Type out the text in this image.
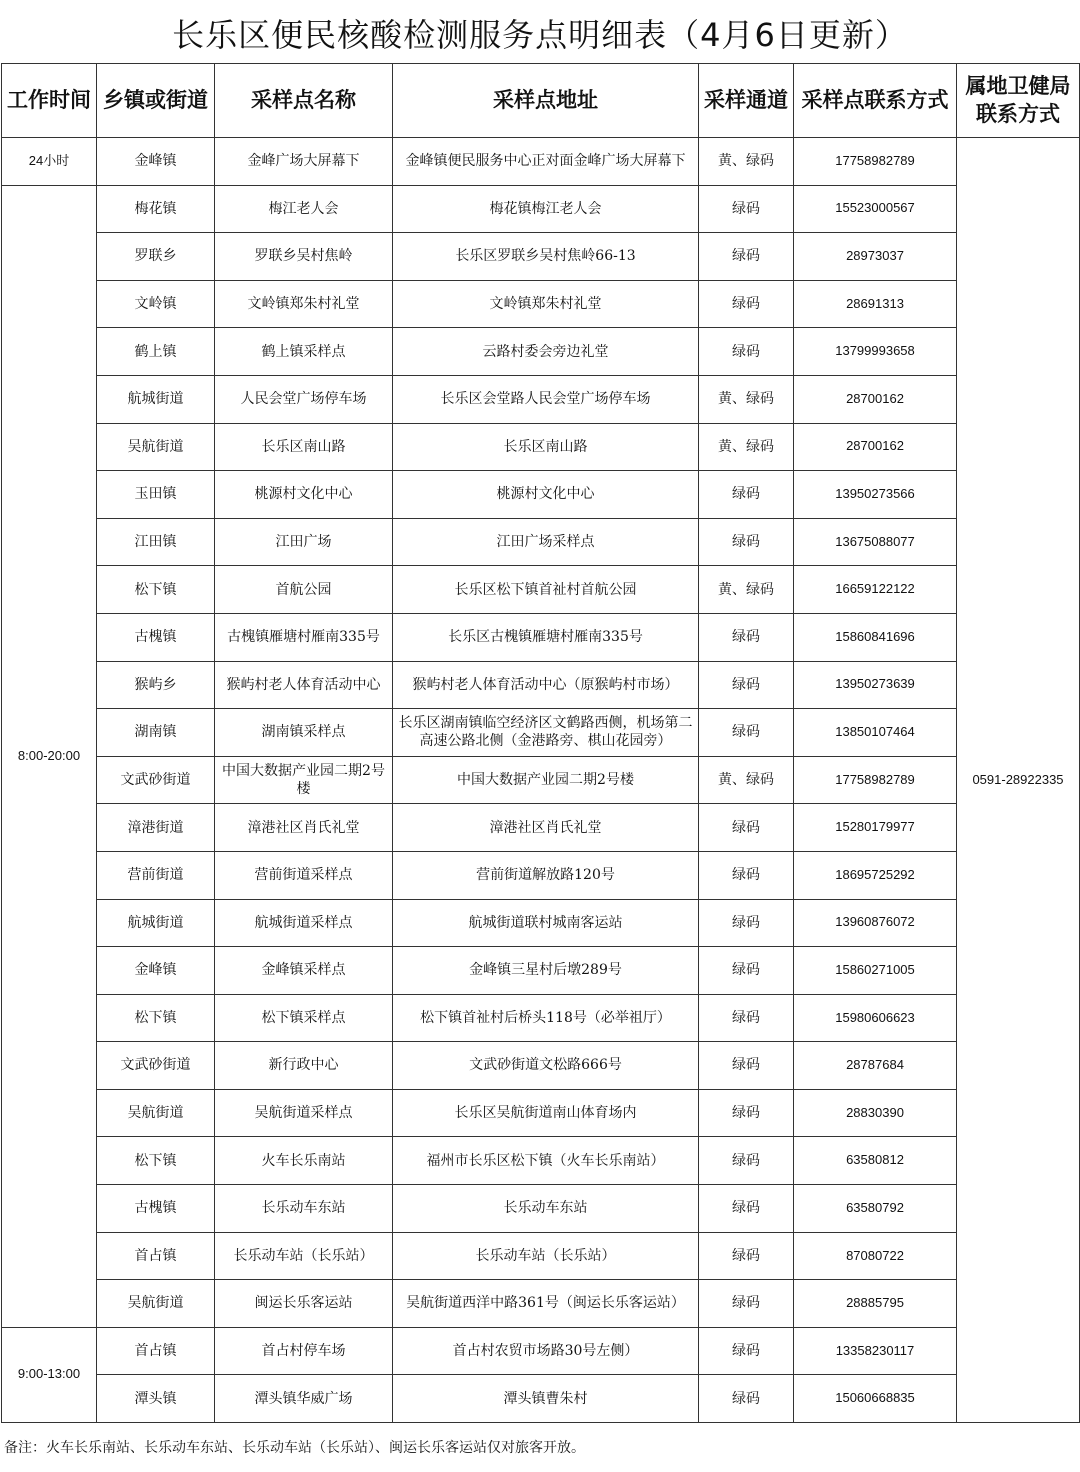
长乐区便民核酸检测服务点明细表（4月6日更新）
工作时间	乡镇或街道	采样点名称	采样点地址	采样通道	采样点联系方式	属地卫健局联系方式
24小时	金峰镇	金峰广场大屏幕下	金峰镇便民服务中心正对面金峰广场大屏幕下	黄、绿码	17758982789	0591-28922335
8:00-20:00	梅花镇	梅江老人会	梅花镇梅江老人会	绿码	15523000567	
	罗联乡	罗联乡吴村焦岭	长乐区罗联乡吴村焦岭66-13	绿码	28973037	
	文岭镇	文岭镇郑朱村礼堂	文岭镇郑朱村礼堂	绿码	28691313	
	鹤上镇	鹤上镇采样点	云路村委会旁边礼堂	绿码	13799993658	
	航城街道	人民会堂广场停车场	长乐区会堂路人民会堂广场停车场	黄、绿码	28700162	
	吴航街道	长乐区南山路	长乐区南山路	黄、绿码	28700162	
	玉田镇	桃源村文化中心	桃源村文化中心	绿码	13950273566	
	江田镇	江田广场	江田广场采样点	绿码	13675088077	
	松下镇	首航公园	长乐区松下镇首祉村首航公园	黄、绿码	16659122122	
	古槐镇	古槐镇雁塘村雁南335号	长乐区古槐镇雁塘村雁南335号	绿码	15860841696	
	猴屿乡	猴屿村老人体育活动中心	猴屿村老人体育活动中心（原猴屿村市场）	绿码	13950273639	
	湖南镇	湖南镇采样点	长乐区湖南镇临空经济区文鹤路西侧，机场第二高速公路北侧（金港路旁、棋山花园旁）	绿码	13850107464	
	文武砂街道	中国大数据产业园二期2号楼	中国大数据产业园二期2号楼	黄、绿码	17758982789	
	漳港街道	漳港社区肖氏礼堂	漳港社区肖氏礼堂	绿码	15280179977	
	营前街道	营前街道采样点	营前街道解放路120号	绿码	18695725292	
	航城街道	航城街道采样点	航城街道联村城南客运站	绿码	13960876072	
	金峰镇	金峰镇采样点	金峰镇三星村后墩289号	绿码	15860271005	
	松下镇	松下镇采样点	松下镇首祉村后桥头118号（必举祖厅）	绿码	15980606623	
	文武砂街道	新行政中心	文武砂街道文松路666号	绿码	28787684	
	吴航街道	吴航街道采样点	长乐区吴航街道南山体育场内	绿码	28830390	
	松下镇	火车长乐南站	福州市长乐区松下镇（火车长乐南站）	绿码	63580812	
	古槐镇	长乐动车东站	长乐动车东站	绿码	63580792	
	首占镇	长乐动车站（长乐站）	长乐动车站（长乐站）	绿码	87080722	
	吴航街道	闽运长乐客运站	吴航街道西洋中路361号（闽运长乐客运站）	绿码	28885795	
9:00-13:00	首占镇	首占村停车场	首占村农贸市场路30号左侧）	绿码	13358230117	
	潭头镇	潭头镇华威广场	潭头镇曹朱村	绿码	15060668835	
备注：火车长乐南站、长乐动车东站、长乐动车站（长乐站）、闽运长乐客运站仅对旅客开放。
